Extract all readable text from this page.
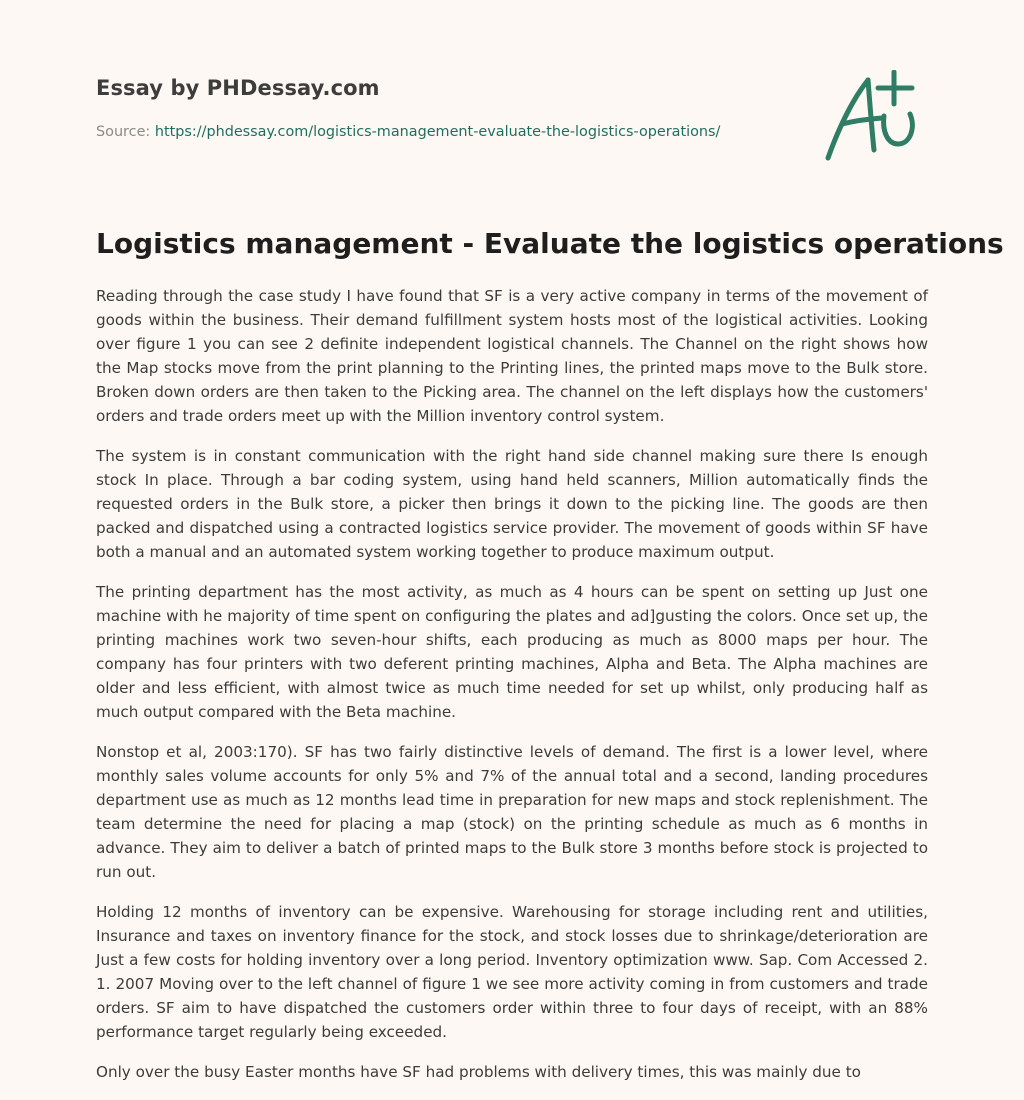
Essay by PHDessay.com

Source: https://phdessay.com/logistics-management-evaluate-the-logistics-operations/

Logistics management - Evaluate the logistics operations

Reading through the case study I have found that SF is a very active company in terms of the movement of goods within the business. Their demand fulfillment system hosts most of the logistical activities. Looking over figure 1 you can see 2 definite independent logistical channels. The Channel on the right shows how the Map stocks move from the print planning to the Printing lines, the printed maps move to the Bulk store. Broken down orders are then taken to the Picking area. The channel on the left displays how the customers' orders and trade orders meet up with the Million inventory control system.

The system is in constant communication with the right hand side channel making sure there Is enough stock In place. Through a bar coding system, using hand held scanners, Million automatically finds the requested orders in the Bulk store, a picker then brings it down to the picking line. The goods are then packed and dispatched using a contracted logistics service provider. The movement of goods within SF have both a manual and an automated system working together to produce maximum output.

The printing department has the most activity, as much as 4 hours can be spent on setting up Just one machine with he majority of time spent on configuring the plates and ad]gusting the colors. Once set up, the printing machines work two seven-hour shifts, each producing as much as 8000 maps per hour. The company has four printers with two deferent printing machines, Alpha and Beta. The Alpha machines are older and less efficient, with almost twice as much time needed for set up whilst, only producing half as much output compared with the Beta machine.

Nonstop et al, 2003:170). SF has two fairly distinctive levels of demand. The first is a lower level, where monthly sales volume accounts for only 5% and 7% of the annual total and a second, landing procedures department use as much as 12 months lead time in preparation for new maps and stock replenishment. The team determine the need for placing a map (stock) on the printing schedule as much as 6 months in advance. They aim to deliver a batch of printed maps to the Bulk store 3 months before stock is projected to run out.

Holding 12 months of inventory can be expensive. Warehousing for storage including rent and utilities, Insurance and taxes on inventory finance for the stock, and stock losses due to shrinkage/deterioration are Just a few costs for holding inventory over a long period. Inventory optimization www. Sap. Com Accessed 2. 1. 2007 Moving over to the left channel of figure 1 we see more activity coming in from customers and trade orders. SF aim to have dispatched the customers order within three to four days of receipt, with an 88% performance target regularly being exceeded.

Only over the busy Easter months have SF had problems with delivery times, this was mainly due to
